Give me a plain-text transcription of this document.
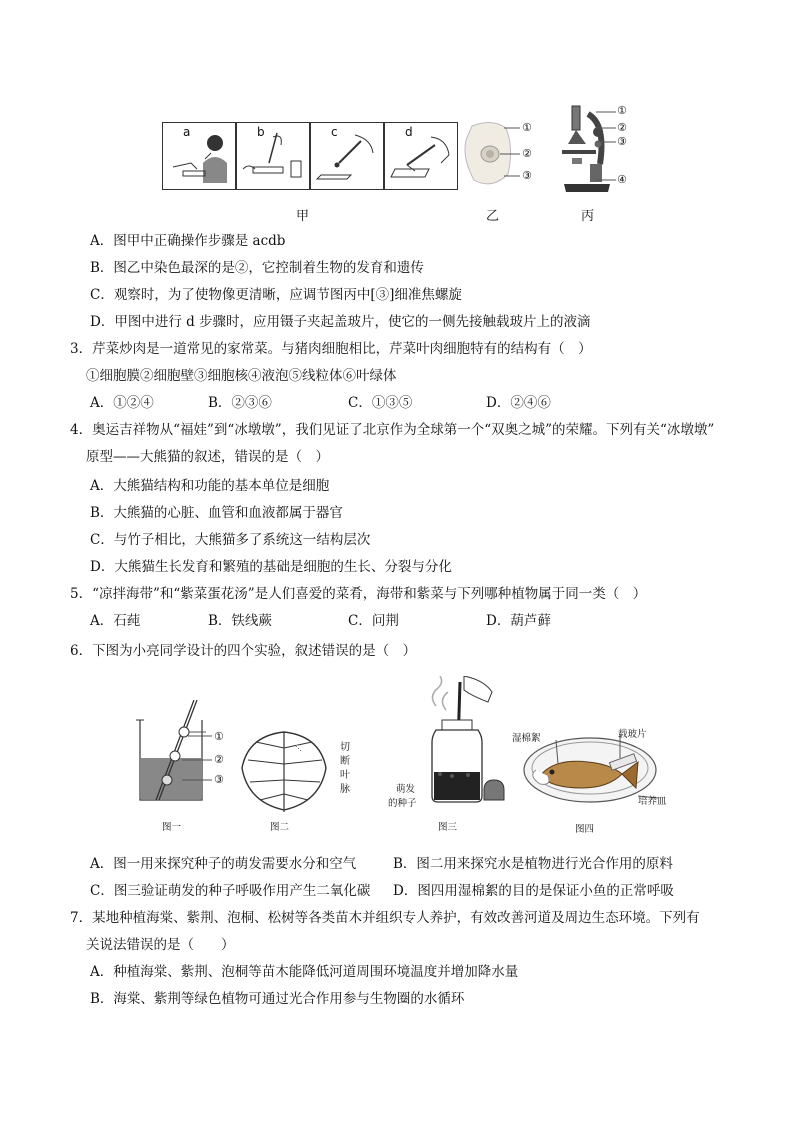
a	b	c	d
甲
①
②
③
乙
①
②
③
④
丙
A．图甲中正确操作步骤是 acdb
B．图乙中染色最深的是②，它控制着生物的发育和遗传
C．观察时，为了使物像更清晰，应调节图丙中[③]细准焦螺旋
D．甲图中进行 d 步骤时，应用镊子夹起盖玻片，使它的一侧先接触载玻片上的液滴
3．芹菜炒肉是一道常见的家常菜。与猪肉细胞相比，芹菜叶肉细胞特有的结构有（　）
①细胞膜②细胞壁③细胞核④液泡⑤线粒体⑥叶绿体
A．①②④	B．②③⑥	C．①③⑤	D．②④⑥
4．奥运吉祥物从“福娃”到“冰墩墩”，我们见证了北京作为全球第一个“双奥之城”的荣耀。下列有关“冰墩墩”
原型——大熊猫的叙述，错误的是（　）
A．大熊猫结构和功能的基本单位是细胞
B．大熊猫的心脏、血管和血液都属于器官
C．与竹子相比，大熊猫多了系统这一结构层次
D．大熊猫生长发育和繁殖的基础是细胞的生长、分裂与分化
5．“凉拌海带”和“紫菜蛋花汤”是人们喜爱的菜肴，海带和紫菜与下列哪种植物属于同一类（　）
A．石莼	B．铁线蕨	C．问荆	D．葫芦藓
6．下图为小亮同学设计的四个实验，叙述错误的是（　）
①
②
③
图一
切
断
叶
脉
图二
萌发
的种子
图三
湿棉絮	载玻片
培养皿
图四
A．图一用来探究种子的萌发需要水分和空气	B．图二用来探究水是植物进行光合作用的原料
C．图三验证萌发的种子呼吸作用产生二氧化碳 D．图四用湿棉絮的目的是保证小鱼的正常呼吸
7．某地种植海棠、紫荆、泡桐、松树等各类苗木并组织专人养护，有效改善河道及周边生态环境。下列有
关说法错误的是（　　）
A．种植海棠、紫荆、泡桐等苗木能降低河道周围环境温度并增加降水量
B．海棠、紫荆等绿色植物可通过光合作用参与生物圈的水循环
